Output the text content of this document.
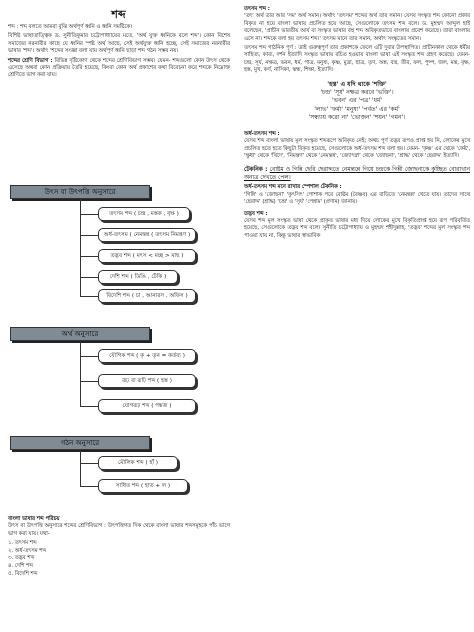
শব্দ
শব্দ : শব্দ বলতে আমরা বুঝি অর্থপূর্ণ ধ্বনি ও ধ্বনি সমষ্টিকে।
বিশিষ্ট ভাষাতাত্ত্বিক ড. সুনীতিকুমার চট্টোপাধ্যায়ের মতে, 'অর্থ যুক্ত ধ্বনিকে বলে শব্দ'। কোন বিশেষ সমাজের নরনারীর কাছে যে ধ্বনির স্পষ্ট অর্থ আছে, সেই অর্থযুক্ত ধ্বনি হচ্ছে, সেই সমাজের নরনারীর ভাষার 'শব্দ'। অর্থাৎ 'শব্দের সংজ্ঞা বলা যায় অর্থপূর্ণ ধ্বনি ছাড়া শব্দ গঠন সম্ভব নয়।
শব্দের শ্রেণি বিভাগ : বিভিন্ন দৃষ্টিকোণ থেকে শব্দের শ্রেণিবিভাগ সম্ভব। যেমন- শব্দগুলো কোন উৎস থেকে এসেছে অথবা কোন প্রক্রিয়ায় তৈরি হয়েছে, কিংবা কোন অর্থ প্রকাশের কথা বিবেচনা করে শব্দকে নিম্নোক্ত শ্রেণিতে ভাগ করা যায়।
উৎস বা উৎপত্তি অনুসারে
তৎসম শব্দ ( চন্দ্র , মস্তক , বৃক্ষ )
অর্ধ-তৎসম ( নেমন্তন্ন ( তৎসম নিমন্ত্রণ )
তদ্ভব শব্দ ( মৎস < মচ্ছ > মাছ )
দেশি শব্দ ( ডিঙি , ঢেঁকি )
বিদেশি শব্দ ( চা , আনারস , অফিস )
অর্থ অনুসারে
যৌগিক শব্দ ( কৃ + তৃন = কর্তব্য )
রূঢ় বা রূঢ়ি শব্দ ( হস্ত )
যোগরূঢ় শব্দ ( পঙ্কজ )
গঠন অনুসারে
মৌলিক শব্দ ( হাঁ )
সাধিত শব্দ ( হাত + ল )
বাংলা ভাষার শব্দ পরিচয়
উৎস বা উৎপত্তি অনুসারে শব্দের শ্রেণিবিভাগ : উৎপত্তিগত দিক থেকে বাংলা ভাষার শব্দসমূহকে পাঁচ ভাগে ভাগ করা যায়। যথা-
১. তৎসম শব্দ
২. অর্ধ-তৎসম শব্দ
৩. তদ্ভব শব্দ
৪. দেশি শব্দ
৫. বিদেশি শব্দ
তৎসম শব্দ :
'তৎ' অর্থ তার আর 'সম' অর্থ সমান। অর্থাৎ 'তৎসম' শব্দের অর্থ তার সমান। যেসব সংস্কৃত শব্দ কোনো প্রকার বিকৃত না হয়ে বাংলা ভাষায় প্রচলিত হয়ে আছে, সেগুলোকে তৎসম শব্দ বলে। ড. মুহম্মদ আব্দুল হাই বলেছেন, 'প্রাচীন ভারতীয় আর্য বা সংস্কৃত ভাষার বহু শব্দ অবিকৃতভাবে বাংলায় প্রবেশ করেছে। তারা বাংলায় এসে না। শব্দকে বলা হয় তৎসম শব্দ।' তৎসম মানে তার সমান, অর্থাৎ সংস্কৃতের সমান।
তৎসম শব্দ গাঠনিক পূর্ণ : ডাই গুরুত্বপূর্ণ তার প্রকাশকে ফেলে এটি দুবার উপস্থাপিত। প্রাচীনকাল থেকে ধর্মীয় সাহিত্য, কাব্য, দর্শন ইত্যাদি সংস্কৃত ভাষায় রচিত হওয়ায় বাংলা ভাষা এই সংস্কৃত শব্দ গ্রহণ করেছে। যেমন- চন্দ্র, সূর্য, নক্ষত্র, ভবন, ধর্ম, পাত্র, মনুষ্য, কৃষ্ণ, মুদ্রা, ছাত্র, তৃণ, অন্ন, বস্ত্র, তীর, ফল, পুষ্প, জল, মন্ত্র, বৃক্ষ, হস্ত, মুখ, কর্ণ, নাসিকা, স্কন্ধ, শিক্ষা, ইত্যাদি।
'হস্ত' এ যদি থাকে 'শক্তি'
'চন্দ্র' 'সূর্য' নক্ষত্র করবে 'ভক্তি'।
'ভবন' এর 'পত্র' 'ধর্ম'
'লাভ' 'ফর্মা' 'মনুষ্য' 'পর্বত' এর 'কর্ম'
'সন্ধ্যায় করো না' 'ভোজন' 'শয়ন' 'গমন'।
অর্ধ-তৎসম শব্দ :
যেসব শব্দ বাংলা ভাষায় মূল সংস্কৃত শব্দরূপে অবিকৃত নেই; অথচ পূর্ণ তদ্ভব রূপও প্রাপ্ত হয় নি, লোকের মুখে প্রচলিত হতে হতে কিছুটা বিকৃত হয়েছে, সেগুলোকে অর্ধ-তৎসম শব্দ বলা হয়। যেমন- 'কৃষ্ণ' এর থেকে 'কেষ্ট', 'ক্ষুধা' থেকে 'খিদে', 'নিমন্ত্রণ' থেকে 'নেমন্তন্ন', 'জ্যোৎস্না' থেকে 'জোছনা', 'শ্রাদ্ধ' থেকে 'ছেরাদ্দ' ইত্যাদি।
টেকনিক : বোষ্টম ও গিন্নি ছেরি ছেরাদ্দতে নেমন্তন্নে গিয়ে চন্দ্রকে গিন্নী জোছনাকে কুচ্ছিত বোরাখান অন্যত্র দেখতে পেল।
অর্ধ-তৎসম শব্দ মনে রাখার স্পেশাল টেকনিক :
'গিন্নি' ও 'জোছনা' 'কুৎসিৎ' পোশাক পরে বোষ্টম (বৈষ্ণব) এর বাড়িতে 'নেমন্তন্ন' খেতে যায়। তাদের সাথে 'ছেরাদ্দ' (শ্রাদ্ধ) 'চন্দ্র' ও 'সূর্য' 'পেন্নাম' (প্রণাম) জানায়।
তদ্ভব শব্দ :
যেসব শব্দ মূল সংস্কৃত ভাষা থেকে প্রাকৃত ভাষার মধ্য দিয়ে লোকের মুখে বিকৃতিপ্রাপ্ত হয়ে রূপ পরিবর্তিত হয়েছে, সেগুলোকে তদ্ভব শব্দ বলে। সুনীতি চট্টোপাধ্যায় ও মুহম্মদ শহীদুল্লাহ, 'তদ্ভব' শব্দের মূল সংস্কৃত শব্দ পাওয়া যায় না, কিন্তু ভাষার স্বাভাবিক
